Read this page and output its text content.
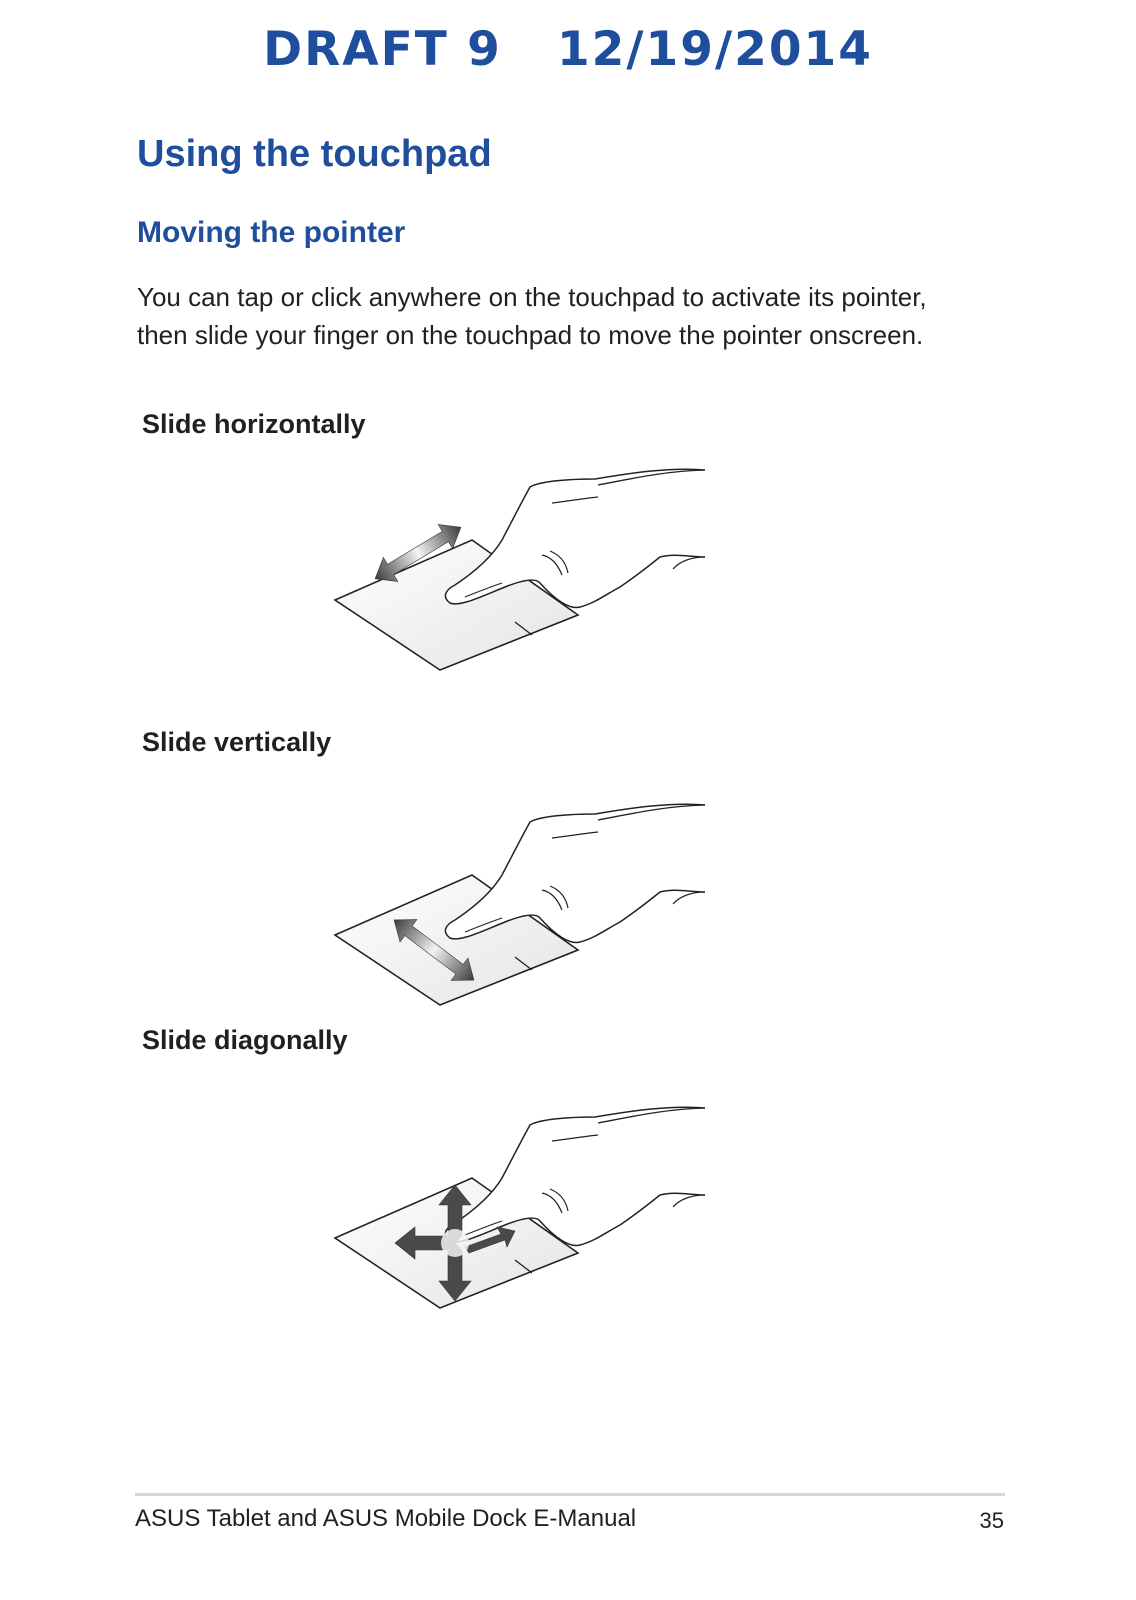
DRAFT 9 12/19/2014
Using the touchpad
Moving the pointer
You can tap or click anywhere on the touchpad to activate its pointer,
then slide your finger on the touchpad to move the pointer onscreen.
Slide horizontally
Slide vertically
Slide diagonally
ASUS Tablet and ASUS Mobile Dock E-Manual	35
